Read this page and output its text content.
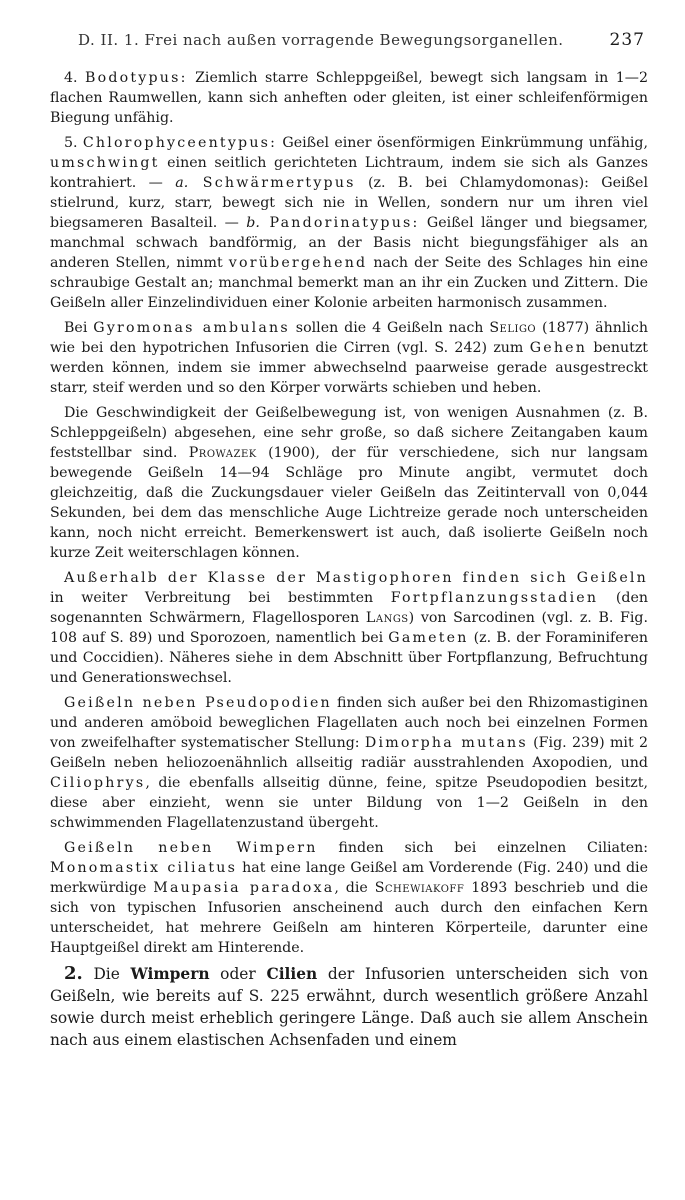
D. II. 1. Frei nach außen vorragende Bewegungsorganellen.	237

4. Bodotypus: Ziemlich starre Schleppgeißel, bewegt sich langsam in 1—2 flachen Raumwellen, kann sich anheften oder gleiten, ist einer schleifenförmigen Biegung unfähig.

5. Chlorophyceentypus: Geißel einer ösenförmigen Einkrümmung unfähig, umschwingt einen seitlich gerichteten Lichtraum, indem sie sich als Ganzes kontrahiert. — a. Schwärmertypus (z. B. bei Chlamydomonas): Geißel stielrund, kurz, starr, bewegt sich nie in Wellen, sondern nur um ihren viel biegsameren Basalteil. — b. Pandorinatypus: Geißel länger und biegsamer, manchmal schwach bandförmig, an der Basis nicht biegungsfähiger als an anderen Stellen, nimmt vorübergehend nach der Seite des Schlages hin eine schraubige Gestalt an; manchmal bemerkt man an ihr ein Zucken und Zittern. Die Geißeln aller Einzelindividuen einer Kolonie arbeiten harmonisch zusammen.

Bei Gyromonas ambulans sollen die 4 Geißeln nach Seligo (1877) ähnlich wie bei den hypotrichen Infusorien die Cirren (vgl. S. 242) zum Gehen benutzt werden können, indem sie immer abwechselnd paarweise gerade ausgestreckt starr, steif werden und so den Körper vorwärts schieben und heben.

Die Geschwindigkeit der Geißelbewegung ist, von wenigen Ausnahmen (z. B. Schleppgeißeln) abgesehen, eine sehr große, so daß sichere Zeitangaben kaum feststellbar sind. Prowazek (1900), der für verschiedene, sich nur langsam bewegende Geißeln 14—94 Schläge pro Minute angibt, vermutet doch gleichzeitig, daß die Zuckungsdauer vieler Geißeln das Zeitintervall von 0,044 Sekunden, bei dem das menschliche Auge Lichtreize gerade noch unterscheiden kann, noch nicht erreicht. Bemerkenswert ist auch, daß isolierte Geißeln noch kurze Zeit weiterschlagen können.

Außerhalb der Klasse der Mastigophoren finden sich Geißeln in weiter Verbreitung bei bestimmten Fortpflanzungsstadien (den sogenannten Schwärmern, Flagellosporen Langs) von Sarcodinen (vgl. z. B. Fig. 108 auf S. 89) und Sporozoen, namentlich bei Gameten (z. B. der Foraminiferen und Coccidien). Näheres siehe in dem Abschnitt über Fortpflanzung, Befruchtung und Generationswechsel.

Geißeln neben Pseudopodien finden sich außer bei den Rhizomastiginen und anderen amöboid beweglichen Flagellaten auch noch bei einzelnen Formen von zweifelhafter systematischer Stellung: Dimorpha mutans (Fig. 239) mit 2 Geißeln neben heliozoenähnlich allseitig radiär ausstrahlenden Axopodien, und Ciliophrys, die ebenfalls allseitig dünne, feine, spitze Pseudopodien besitzt, diese aber einzieht, wenn sie unter Bildung von 1—2 Geißeln in den schwimmenden Flagellatenzustand übergeht.

Geißeln neben Wimpern finden sich bei einzelnen Ciliaten: Monomastix ciliatus hat eine lange Geißel am Vorderende (Fig. 240) und die merkwürdige Maupasia paradoxa, die Schewiakoff 1893 beschrieb und die sich von typischen Infusorien anscheinend auch durch den einfachen Kern unterscheidet, hat mehrere Geißeln am hinteren Körperteile, darunter eine Hauptgeißel direkt am Hinterende.

2. Die Wimpern oder Cilien der Infusorien unterscheiden sich von Geißeln, wie bereits auf S. 225 erwähnt, durch wesentlich größere Anzahl sowie durch meist erheblich geringere Länge. Daß auch sie allem Anschein nach aus einem elastischen Achsenfaden und einem
